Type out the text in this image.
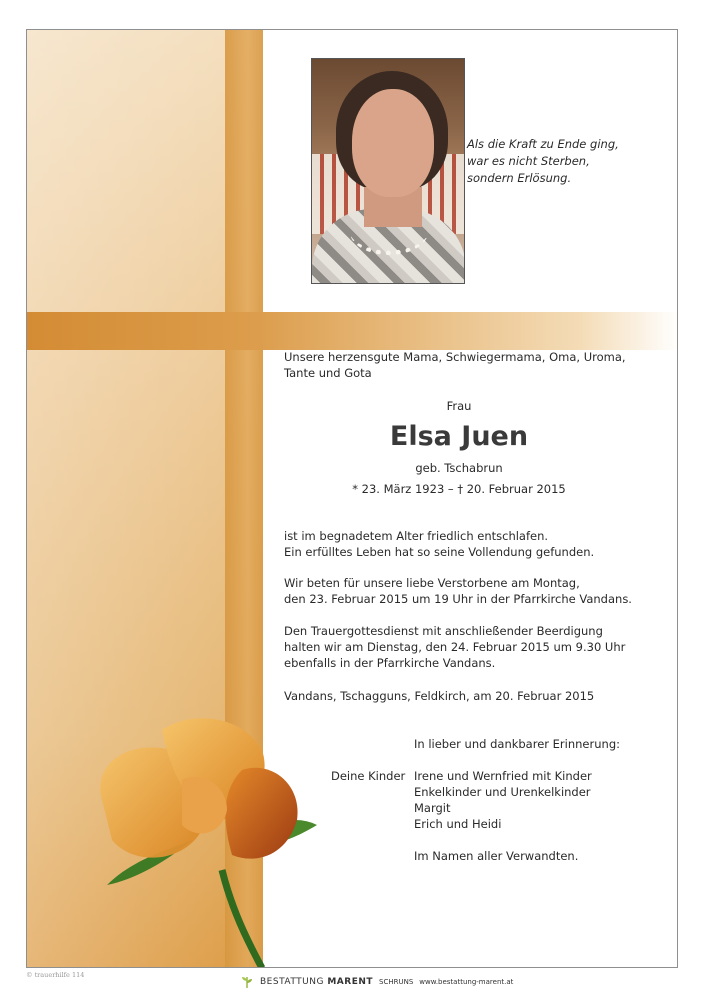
Als die Kraft zu Ende ging,
war es nicht Sterben,
sondern Erlösung.
Unsere herzensgute Mama, Schwiegermama, Oma, Uroma,
Tante und Gota
Frau
Elsa Juen
geb. Tschabrun
* 23. März 1923 – † 20. Februar 2015
ist im begnadetem Alter friedlich entschlafen.
Ein erfülltes Leben hat so seine Vollendung gefunden.
Wir beten für unsere liebe Verstorbene am Montag,
den 23. Februar 2015 um 19 Uhr in der Pfarrkirche Vandans.
Den Trauergottesdienst mit anschließender Beerdigung
halten wir am Dienstag, den 24. Februar 2015 um 9.30 Uhr
ebenfalls in der Pfarrkirche Vandans.
Vandans, Tschagguns, Feldkirch, am 20. Februar 2015
In lieber und dankbarer Erinnerung:
Deine Kinder Irene und Wernfried mit Kinder
Enkelkinder und Urenkelkinder
Margit
Erich und Heidi
Im Namen aller Verwandten.
© trauerhilfe 114
BESTATTUNG MARENT SCHRUNS www.bestattung-marent.at
